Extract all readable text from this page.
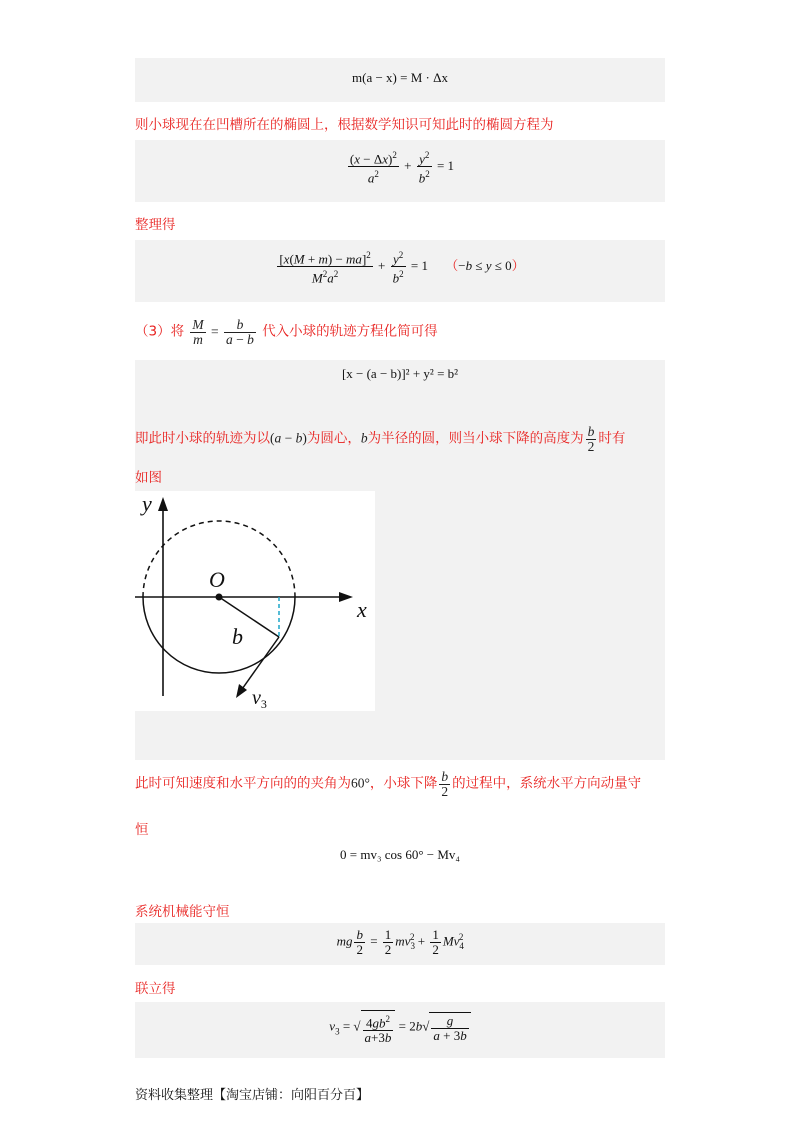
m(a − x) = M · Δx
则小球现在在凹槽所在的椭圆上，根据数学知识可知此时的椭圆方程为
$\frac{(x - \Delta x)^2}{a^2} + \frac{y^2}{b^2} = 1$
整理得
$\frac{[x(M + m) - ma]^2}{M^2a^2} + \frac{y^2}{b^2} = 1$ （−b ≤ y ≤ 0）
（3）将 $\frac{M}{m} = \frac{b}{a - b}$ 代入小球的轨迹方程化简可得
[x − (a − b)]² + y² = b²
即此时小球的轨迹为以(a − b)为圆心，b为半径的圆，则当小球下降的高度为 $\frac{b}{2}$ 时有
如图
y
x
O
b
$v_3$
此时可知速度和水平方向的的夹角为60°，小球下降 $\frac{b}{2}$ 的过程中，系统水平方向动量守
恒
0 = mv₃ cos 60° − Mv₄
系统机械能守恒
mg $\frac{b}{2} = \frac{1}{2} mv_3^2 + \frac{1}{2} Mv_4^2$
联立得
$v_3$ = √ $\frac{4gb^2}{a+3b} = 2b√ \frac{g}{a + 3b}$
资料收集整理【淘宝店铺：向阳百分百】
